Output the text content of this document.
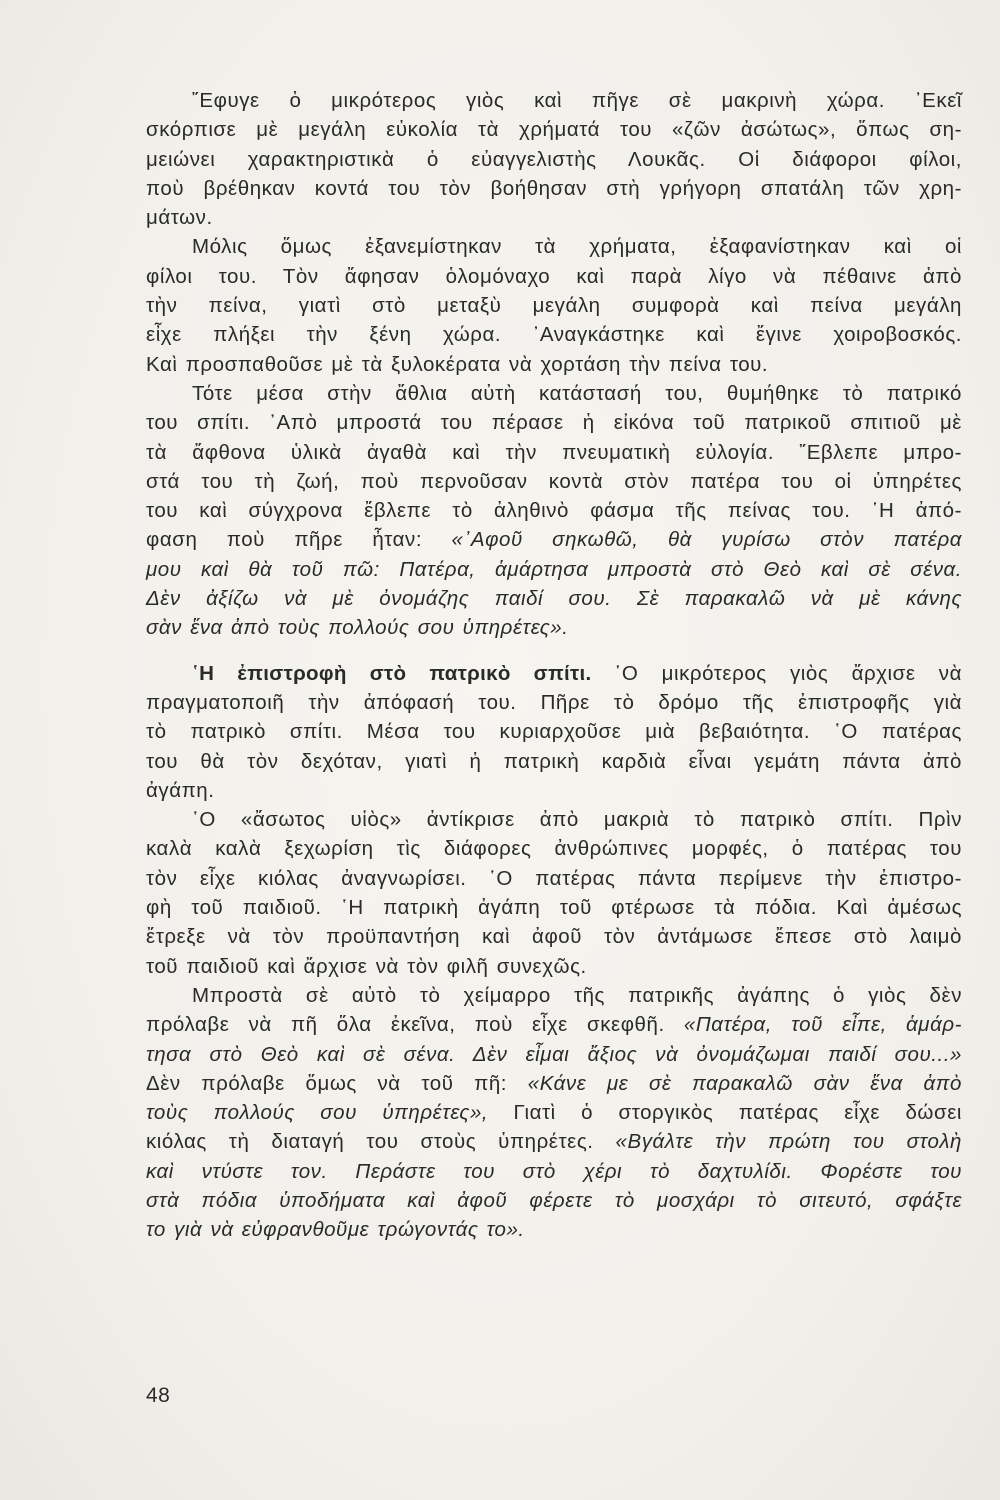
῎Εφυγε ὁ μικρότερος γιὸς καὶ πῆγε σὲ μακρινὴ χώρα. ᾿Εκεῖ
σκόρπισε μὲ μεγάλη εὐκολία τὰ χρήματά του «ζῶν ἀσώτως», ὅπως ση-
μειώνει χαρακτηριστικὰ ὁ εὐαγγελιστὴς Λουκᾶς. Οἱ διάφοροι φίλοι,
ποὺ βρέθηκαν κοντά του τὸν βοήθησαν στὴ γρήγορη σπατάλη τῶν χρη-
μάτων.
Μόλις ὅμως ἐξανεμίστηκαν τὰ χρήματα, ἐξαφανίστηκαν καὶ οἱ
φίλοι του. Τὸν ἄφησαν ὁλομόναχο καὶ παρὰ λίγο νὰ πέθαινε ἀπὸ
τὴν πείνα, γιατὶ στὸ μεταξὺ μεγάλη συμφορὰ καὶ πείνα μεγάλη
εἶχε πλήξει τὴν ξένη χώρα. ᾿Αναγκάστηκε καὶ ἔγινε χοιροβοσκός.
Καὶ προσπαθοῦσε μὲ τὰ ξυλοκέρατα νὰ χορτάση τὴν πείνα του.
Τότε μέσα στὴν ἄθλια αὐτὴ κατάστασή του, θυμήθηκε τὸ πατρικό
του σπίτι. ᾿Απὸ μπροστά του πέρασε ἡ εἰκόνα τοῦ πατρικοῦ σπιτιοῦ μὲ
τὰ ἄφθονα ὑλικὰ ἀγαθὰ καὶ τὴν πνευματικὴ εὐλογία. ῎Εβλεπε μπρο-
στά του τὴ ζωή, ποὺ περνοῦσαν κοντὰ στὸν πατέρα του οἱ ὑπηρέτες
του καὶ σύγχρονα ἔβλεπε τὸ ἀληθινὸ φάσμα τῆς πείνας του. ῾Η ἀπό-
φαση ποὺ πῆρε ἦταν: «᾿Αφοῦ σηκωθῶ, θὰ γυρίσω στὸν πατέρα
μου καὶ θὰ τοῦ πῶ: Πατέρα, ἁμάρτησα μπροστὰ στὸ Θεὸ καὶ σὲ σένα.
Δὲν ἀξίζω νὰ μὲ ὀνομάζης παιδί σου. Σὲ παρακαλῶ νὰ μὲ κάνης
σὰν ἕνα ἀπὸ τοὺς πολλούς σου ὑπηρέτες».
῾Η ἐπιστροφὴ στὸ πατρικὸ σπίτι. ῾Ο μικρότερος γιὸς ἄρχισε νὰ
πραγματοποιῆ τὴν ἀπόφασή του. Πῆρε τὸ δρόμο τῆς ἐπιστροφῆς γιὰ
τὸ πατρικὸ σπίτι. Μέσα του κυριαρχοῦσε μιὰ βεβαιότητα. ῾Ο πατέρας
του θὰ τὸν δεχόταν, γιατὶ ἡ πατρικὴ καρδιὰ εἶναι γεμάτη πάντα ἀπὸ
ἀγάπη.
῾Ο «ἄσωτος υἱὸς» ἀντίκρισε ἀπὸ μακριὰ τὸ πατρικὸ σπίτι. Πρὶν
καλὰ καλὰ ξεχωρίση τὶς διάφορες ἀνθρώπινες μορφές, ὁ πατέρας του
τὸν εἶχε κιόλας ἀναγνωρίσει. ῾Ο πατέρας πάντα περίμενε τὴν ἐπιστρο-
φὴ τοῦ παιδιοῦ. ῾Η πατρικὴ ἀγάπη τοῦ φτέρωσε τὰ πόδια. Καὶ ἀμέσως
ἔτρεξε νὰ τὸν προϋπαντήση καὶ ἀφοῦ τὸν ἀντάμωσε ἔπεσε στὸ λαιμὸ
τοῦ παιδιοῦ καὶ ἄρχισε νὰ τὸν φιλῆ συνεχῶς.
Μπροστὰ σὲ αὐτὸ τὸ χείμαρρο τῆς πατρικῆς ἀγάπης ὁ γιὸς δὲν
πρόλαβε νὰ πῆ ὅλα ἐκεῖνα, ποὺ εἶχε σκεφθῆ. «Πατέρα, τοῦ εἶπε, ἁμάρ-
τησα στὸ Θεὸ καὶ σὲ σένα. Δὲν εἶμαι ἄξιος νὰ ὀνομάζωμαι παιδί σου...»
Δὲν πρόλαβε ὅμως νὰ τοῦ πῆ: «Κάνε με σὲ παρακαλῶ σὰν ἕνα ἀπὸ
τοὺς πολλούς σου ὑπηρέτες», Γιατὶ ὁ στοργικὸς πατέρας εἶχε δώσει
κιόλας τὴ διαταγή του στοὺς ὑπηρέτες. «Βγάλτε τὴν πρώτη του στολὴ
καὶ ντύστε τον. Περάστε του στὸ χέρι τὸ δαχτυλίδι. Φορέστε του
στὰ πόδια ὑποδήματα καὶ ἀφοῦ φέρετε τὸ μοσχάρι τὸ σιτευτό, σφάξτε
το γιὰ νὰ εὐφρανθοῦμε τρώγοντάς το».
48
